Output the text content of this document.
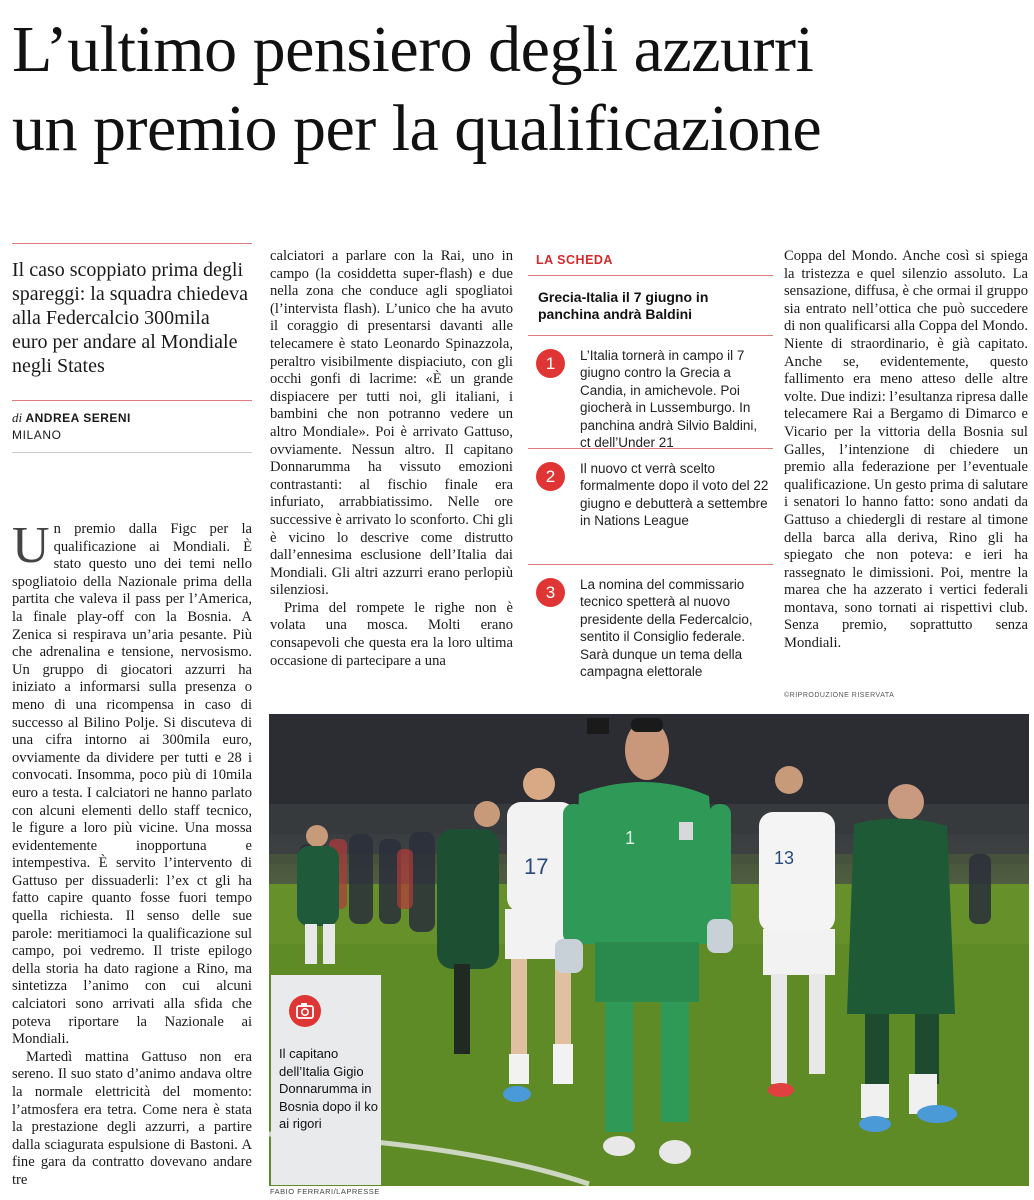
L’ultimo pensiero degli azzurri
un premio per la qualificazione

Il caso scoppiato prima degli spareggi: la squadra chiedeva alla Federcalcio 300mila euro per andare al Mondiale negli States

di ANDREA SERENI
MILANO

Un premio dalla Figc per la qualificazione ai Mondiali. È stato questo uno dei temi nello spogliatoio della Nazionale prima della partita che valeva il pass per l’America, la finale play-off con la Bosnia. A Zenica si respirava un’aria pesante. Più che adrenalina e tensione, nervosismo. Un gruppo di giocatori azzurri ha iniziato a informarsi sulla presenza o meno di una ricompensa in caso di successo al Bilino Polje. Si discuteva di una cifra intorno ai 300mila euro, ovviamente da dividere per tutti e 28 i convocati. Insomma, poco più di 10mila euro a testa. I calciatori ne hanno parlato con alcuni elementi dello staff tecnico, le figure a loro più vicine. Una mossa evidentemente inopportuna e intempestiva. È servito l’intervento di Gattuso per dissuaderli: l’ex ct gli ha fatto capire quanto fosse fuori tempo quella richiesta. Il senso delle sue parole: meritiamoci la qualificazione sul campo, poi vedremo. Il triste epilogo della storia ha dato ragione a Rino, ma sintetizza l’animo con cui alcuni calciatori sono arrivati alla sfida che poteva riportare la Nazionale ai Mondiali.

Martedì mattina Gattuso non era sereno. Il suo stato d’animo andava oltre la normale elettricità del momento: l’atmosfera era tetra. Come nera è stata la prestazione degli azzurri, a partire dalla sciagurata espulsione di Bastoni. A fine gara da contratto dovevano andare tre

calciatori a parlare con la Rai, uno in campo (la cosiddetta super-flash) e due nella zona che conduce agli spogliatoi (l’intervista flash). L’unico che ha avuto il coraggio di presentarsi davanti alle telecamere è stato Leonardo Spinazzola, peraltro visibilmente dispiaciuto, con gli occhi gonfi di lacrime: «È un grande dispiacere per tutti noi, gli italiani, i bambini che non potranno vedere un altro Mondiale». Poi è arrivato Gattuso, ovviamente. Nessun altro. Il capitano Donnarumma ha vissuto emozioni contrastanti: al fischio finale era infuriato, arrabbiatissimo. Nelle ore successive è arrivato lo sconforto. Chi gli è vicino lo descrive come distrutto dall’ennesima esclusione dell’Italia dai Mondiali. Gli altri azzurri erano perlopiù silenziosi.

Prima del rompete le righe non è volata una mosca. Molti erano consapevoli che questa era la loro ultima occasione di partecipare a una

LA SCHEDA
Grecia-Italia il 7 giugno in panchina andrà Baldini
1	L’Italia tornerà in campo il 7 giugno contro la Grecia a Candia, in amichevole. Poi giocherà in Lussemburgo. In panchina andrà Silvio Baldini, ct dell’Under 21
2	Il nuovo ct verrà scelto formalmente dopo il voto del 22 giugno e debutterà a settembre in Nations League
3	La nomina del commissario tecnico spetterà al nuovo presidente della Federcalcio, sentito il Consiglio federale. Sarà dunque un tema della campagna elettorale

Coppa del Mondo. Anche così si spiega la tristezza e quel silenzio assoluto. La sensazione, diffusa, è che ormai il gruppo sia entrato nell’ottica che può succedere di non qualificarsi alla Coppa del Mondo. Niente di straordinario, è già capitato. Anche se, evidentemente, questo fallimento era meno atteso delle altre volte. Due indizi: l’esultanza ripresa dalle telecamere Rai a Bergamo di Dimarco e Vicario per la vittoria della Bosnia sul Galles, l’intenzione di chiedere un premio alla federazione per l’eventuale qualificazione. Un gesto prima di salutare i senatori lo hanno fatto: sono andati da Gattuso a chiedergli di restare al timone della barca alla deriva, Rino gli ha spiegato che non poteva: e ieri ha rassegnato le dimissioni. Poi, mentre la marea che ha azzerato i vertici federali montava, sono tornati ai rispettivi club. Senza premio, soprattutto senza Mondiali.

©RIPRODUZIONE RISERVATA
17
1
13
Il capitano dell’Italia Gigio Donnarumma in Bosnia dopo il ko ai rigori
FABIO FERRARI/LAPRESSE
